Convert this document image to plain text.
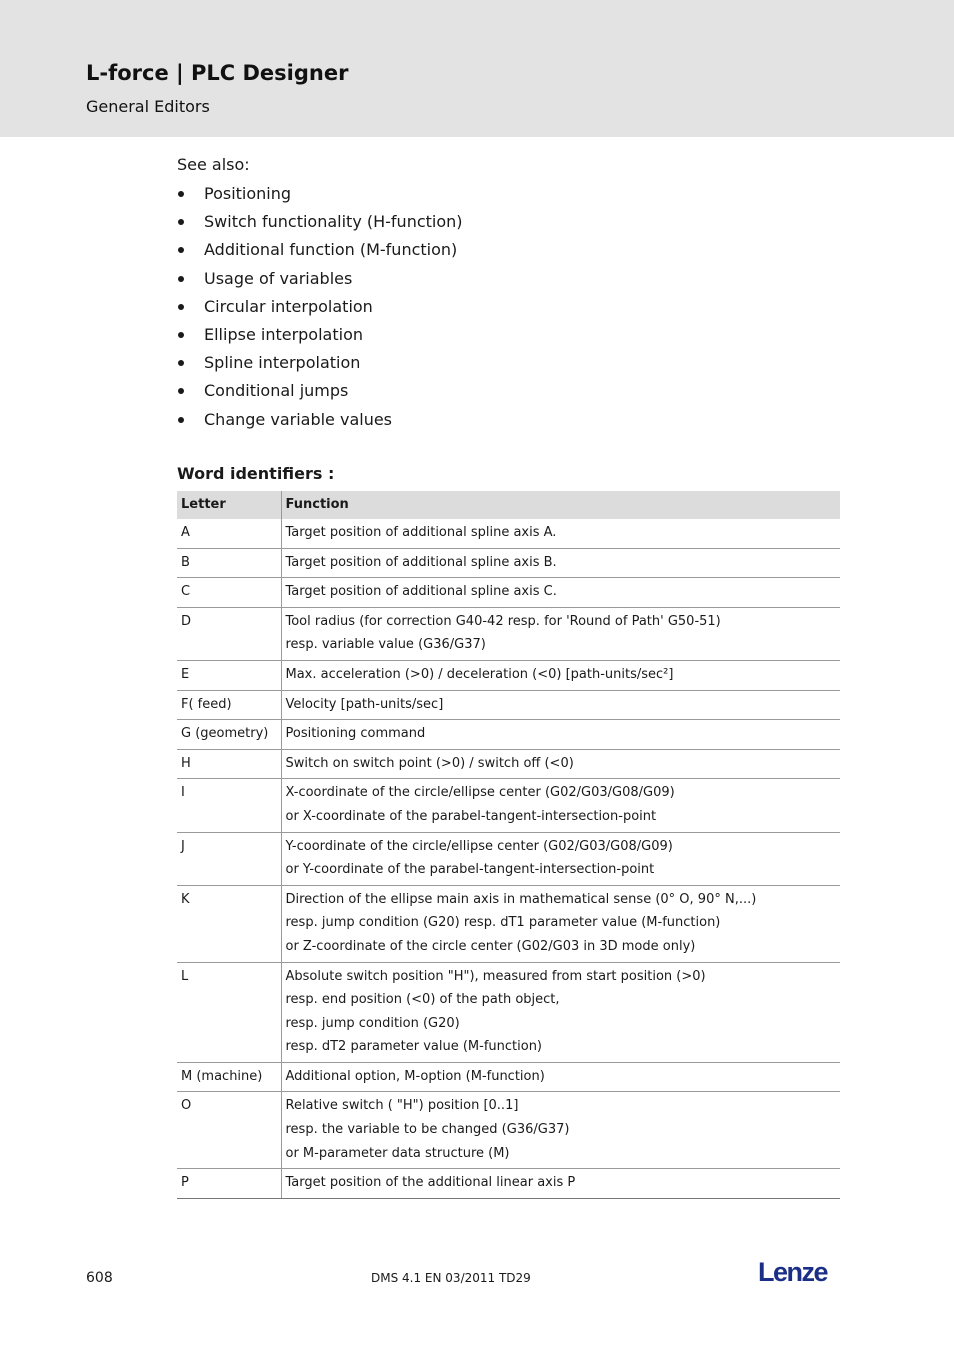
L-force | PLC Designer
General Editors
See also:
Positioning
Switch functionality (H-function)
Additional function (M-function)
Usage of variables
Circular interpolation
Ellipse interpolation
Spline interpolation
Conditional jumps
Change variable values
Word identifiers :
Letter	Function
A	Target position of additional spline axis A.

B	Target position of additional spline axis B.

C	Target position of additional spline axis C.

D	Tool radius (for correction G40-42 resp. for 'Round of Path' G50-51)
resp. variable value (G36/G37)

E	Max. acceleration (>0) / deceleration (<0) [path-units/sec²]

F( feed)	Velocity [path-units/sec]

G (geometry)	Positioning command

H	Switch on switch point (>0) / switch off (<0)

I	X-coordinate of the circle/ellipse center (G02/G03/G08/G09)
or X-coordinate of the parabel-tangent-intersection-point

J	Y-coordinate of the circle/ellipse center (G02/G03/G08/G09)
or Y-coordinate of the parabel-tangent-intersection-point

K	Direction of the ellipse main axis in mathematical sense (0° O, 90° N,...)
resp. jump condition (G20) resp. dT1 parameter value (M-function)
or Z-coordinate of the circle center (G02/G03 in 3D mode only)

L	Absolute switch position "H"), measured from start position (>0)
resp. end position (<0) of the path object,
resp. jump condition (G20)
resp. dT2 parameter value (M-function)

M (machine)	Additional option, M-option (M-function)

O	Relative switch ( "H") position [0..1]
resp. the variable to be changed (G36/G37)
or M-parameter data structure (M)

P	Target position of the additional linear axis P
608	DMS 4.1 EN 03/2011 TD29	Lenze
